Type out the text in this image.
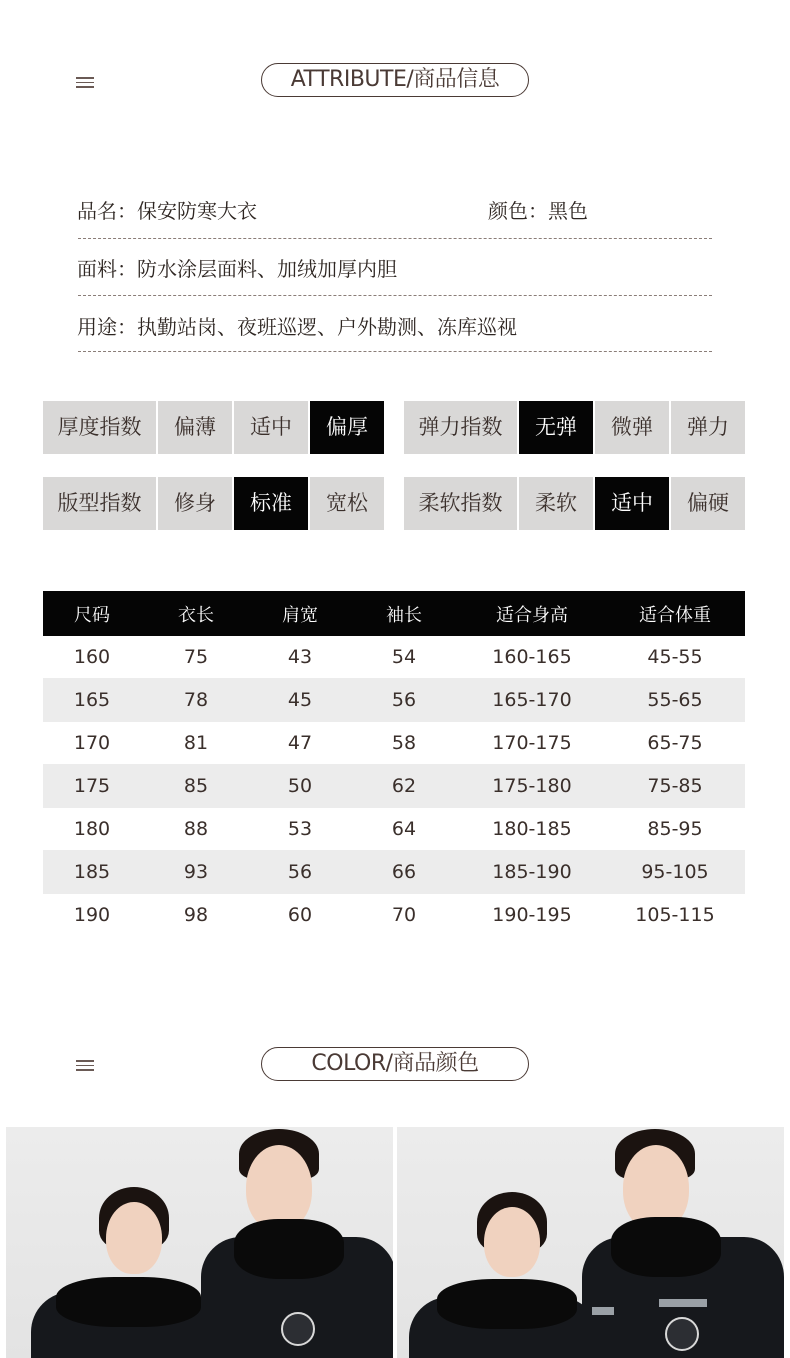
ATTRIBUTE/商品信息
品名：保安防寒大衣	颜色：黑色
面料：防水涂层面料、加绒加厚内胆
用途：执勤站岗、夜班巡逻、户外勘测、冻库巡视
厚度指数	偏薄	适中	偏厚	弹力指数	无弹	微弹	弹力
版型指数	修身	标准	宽松	柔软指数	柔软	适中	偏硬
尺码	衣长	肩宽	袖长	适合身高	适合体重
160	75	43	54	160-165	45-55
165	78	45	56	165-170	55-65
170	81	47	58	170-175	65-75
175	85	50	62	175-180	75-85
180	88	53	64	180-185	85-95
185	93	56	66	185-190	95-105
190	98	60	70	190-195	105-115
COLOR/商品颜色
